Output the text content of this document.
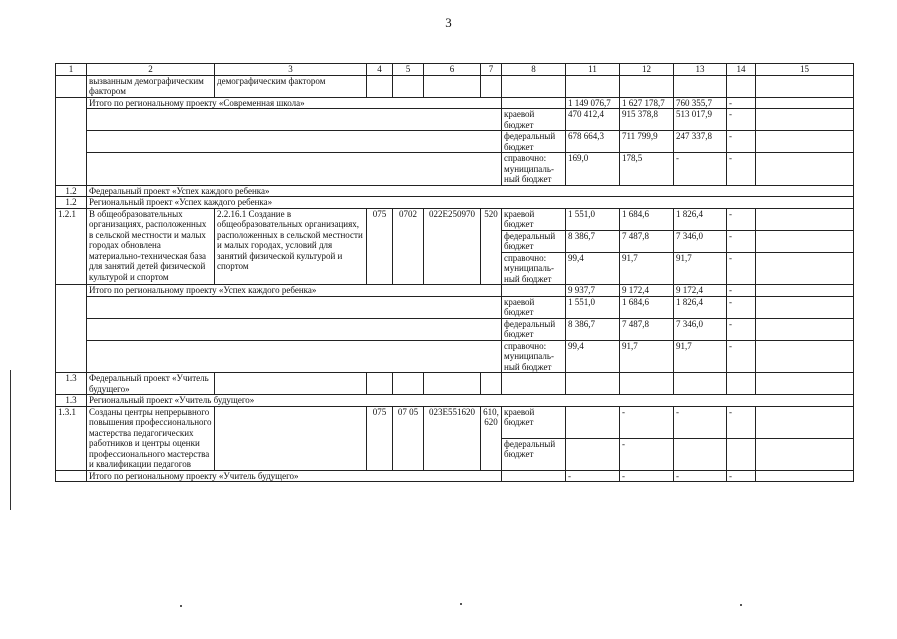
3
1	2	3	4	5	6	7	8	11	12	13	14	15
	вызванным демографическим фактором	демографическим фактором										
	Итого по региональному проекту «Современная школа»							1 149 076,7	1 627 178,7	760 355,7	-	
							краевой бюджет	470 412,4	915 378,8	513 017,9	-	
							федеральный бюджет	678 664,3	711 799,9	247 337,8	-	
							справочно: муниципаль-ный бюджет	169,0	178,5	-	-	
1.2	Федеральный проект «Успех каждого ребенка»											
1.2	Региональный проект «Успех каждого ребенка»											
1.2.1	В общеобразовательных организациях, расположенных в сельской местности и малых городах обновлена материально-техническая база для занятий детей физической культурой и спортом	2.2.16.1 Создание в общеобразовательных организациях, расположенных в сельской местности и малых городах, условий для занятий физической культурой и спортом	075	0702	022E250970	520	краевой бюджет	1 551,0	1 684,6	1 826,4	-	
							федеральный бюджет	8 386,7	7 487,8	7 346,0	-	
							справочно: муниципаль-ный бюджет	99,4	91,7	91,7	-	
	Итого по региональному проекту «Успех каждого ребенка»							9 937,7	9 172,4	9 172,4	-	
							краевой бюджет	1 551,0	1 684,6	1 826,4	-	
							федеральный бюджет	8 386,7	7 487,8	7 346,0	-	
							справочно: муниципаль-ный бюджет	99,4	91,7	91,7	-	
1.3	Федеральный проект «Учитель будущего»											
1.3	Региональный проект «Учитель будущего»											
1.3.1	Созданы центры непрерывного повышения профессионального мастерства педагогических работников и центры оценки профессионального мастерства и квалификации педагогов		075	07 05	023E551620	610, 620	краевой бюджет		-	-	-	
							федеральный бюджет		-			
	Итого по региональному проекту «Учитель будущего»							-	-	-	-	
